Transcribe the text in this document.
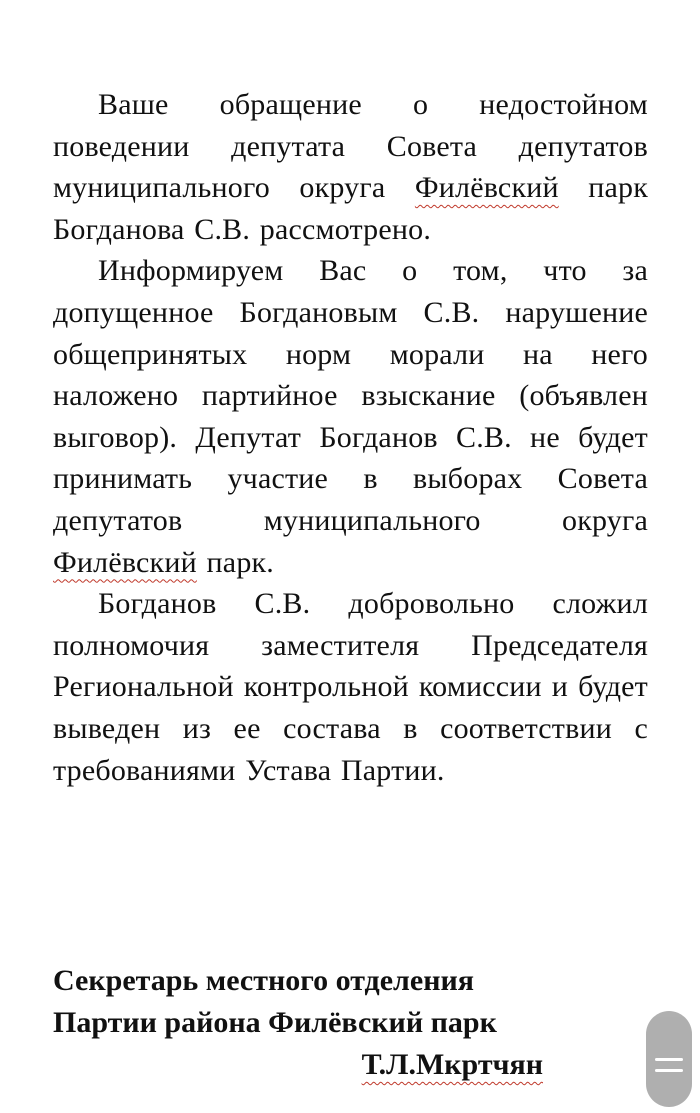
Ваше обращение о недостойном поведении депутата Совета депутатов муниципального округа Филёвский парк Богданова С.В. рассмотрено.

Информируем Вас о том, что за допущенное Богдановым С.В. нарушение общепринятых норм морали на него наложено партийное взыскание (объявлен выговор). Депутат Богданов С.В. не будет принимать участие в выборах Совета депутатов муниципального округа Филёвский парк.

Богданов С.В. добровольно сложил полномочия заместителя Председателя Региональной контрольной комиссии и будет выведен из ее состава в соответствии с требованиями Устава Партии.

Секретарь местного отделения
Партии района Филёвский парк
Т.Л.Мкртчян
